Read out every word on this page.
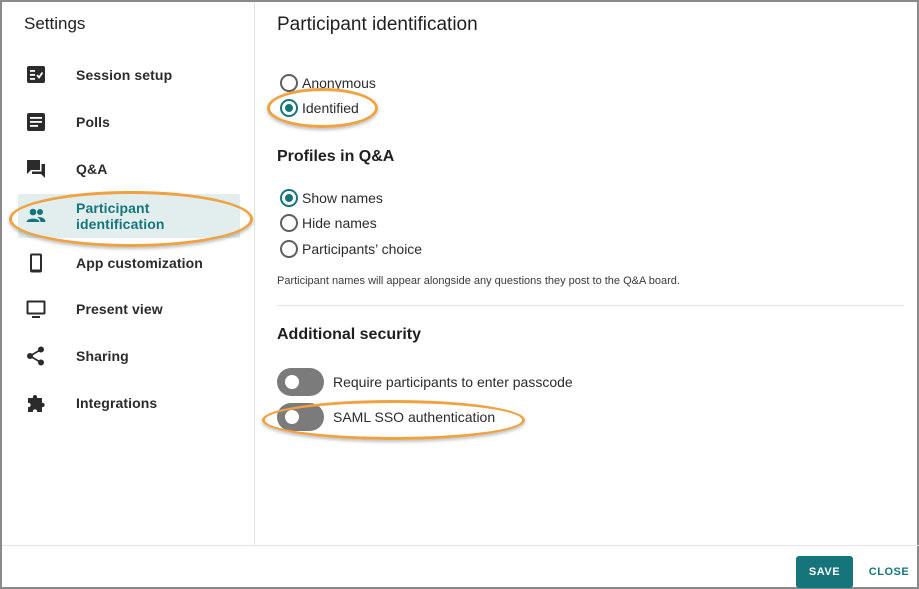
Settings
Session setup
Polls
Q&A
Participant identification
App customization
Present view
Sharing
Integrations
Participant identification
Anonymous
Identified
Profiles in Q&A
Show names
Hide names
Participants’ choice
Participant names will appear alongside any questions they post to the Q&A board.
Additional security
Require participants to enter passcode
SAML SSO authentication
SAVE	CLOSE
